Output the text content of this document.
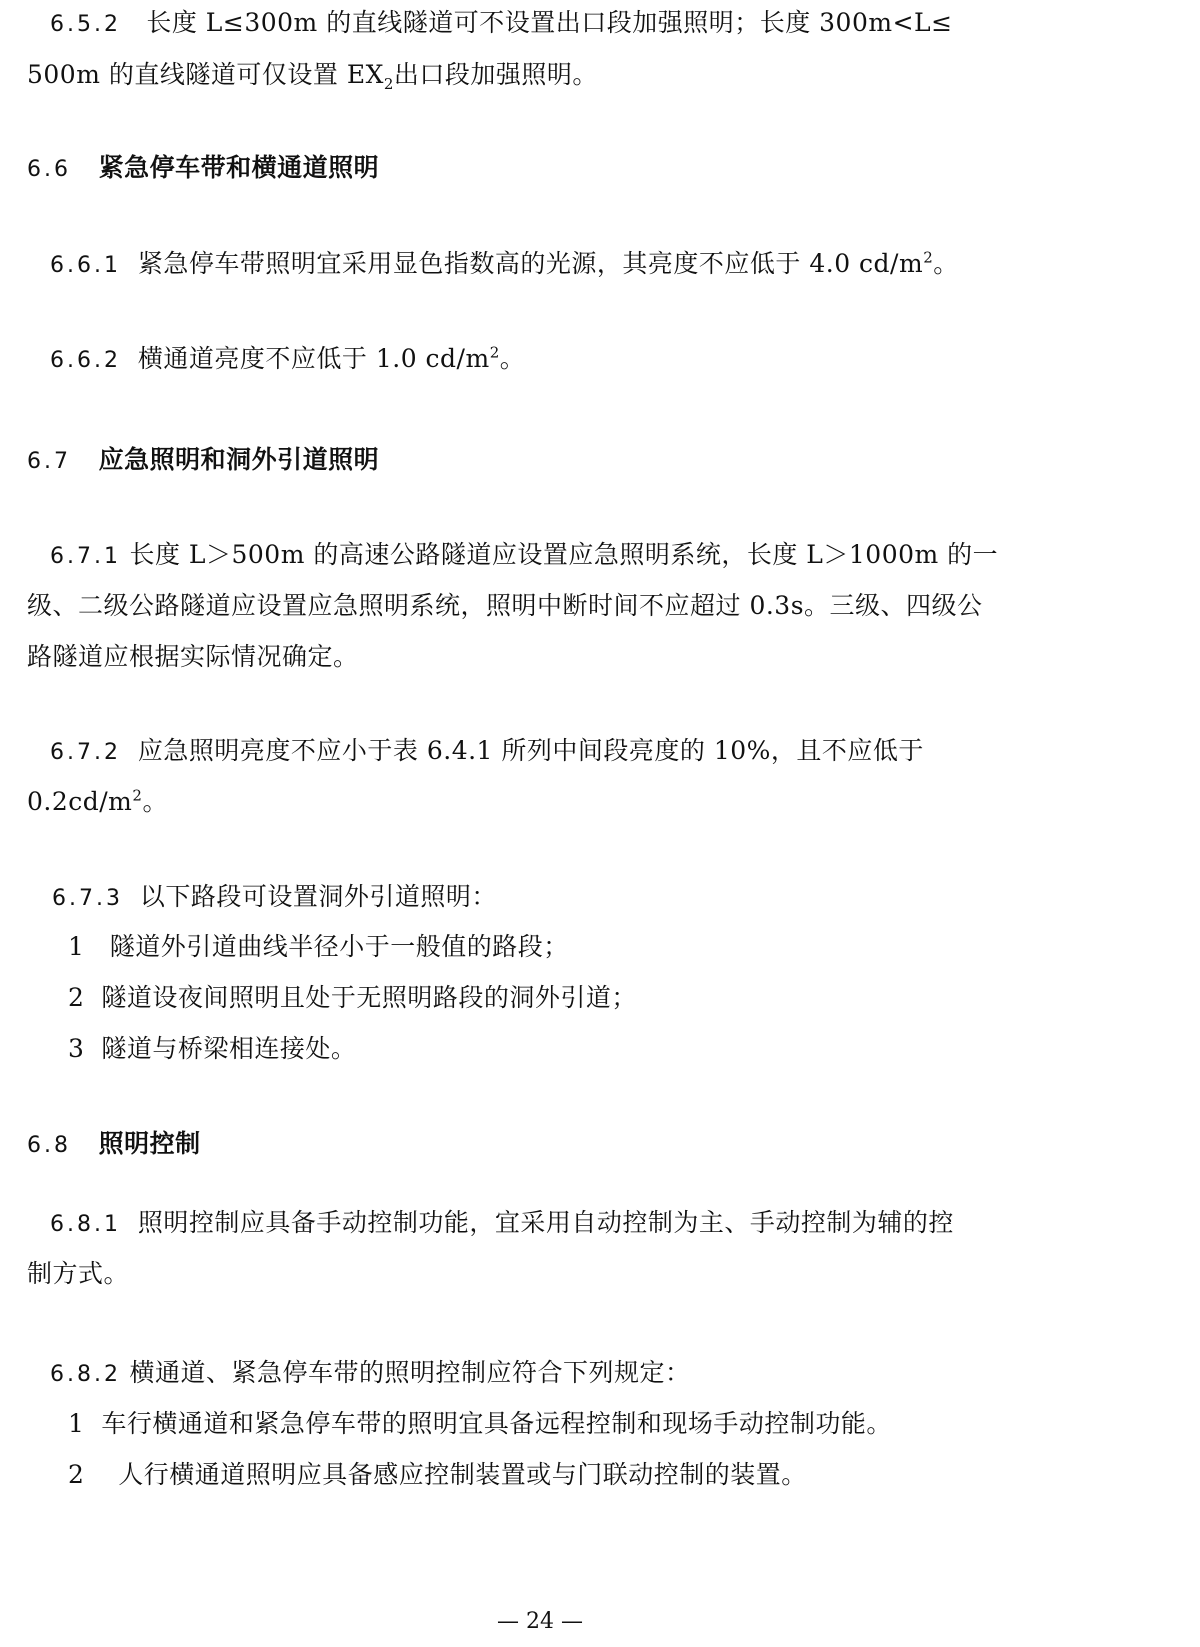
6.5.2 长度 L≤300m 的直线隧道可不设置出口段加强照明；长度 300m<L≤
500m 的直线隧道可仅设置 $EX_2$出口段加强照明。
6.6 紧急停车带和横通道照明
6.6.1 紧急停车带照明宜采用显色指数高的光源，其亮度不应低于 4.0 $cd/m^2$。
6.6.2 横通道亮度不应低于 1.0 $cd/m^2$。
6.7 应急照明和洞外引道照明
6.7.1 长度 L＞500m 的高速公路隧道应设置应急照明系统，长度 L＞1000m 的一
级、二级公路隧道应设置应急照明系统，照明中断时间不应超过 0.3s。三级、四级公
路隧道应根据实际情况确定。
6.7.2 应急照明亮度不应小于表 6.4.1 所列中间段亮度的 10%，且不应低于
$0.2cd/m^2$。
6.7.3 以下路段可设置洞外引道照明：
1 隧道外引道曲线半径小于一般值的路段；
2 隧道设夜间照明且处于无照明路段的洞外引道；
3 隧道与桥梁相连接处。
6.8 照明控制
6.8.1 照明控制应具备手动控制功能，宜采用自动控制为主、手动控制为辅的控
制方式。
6.8.2 横通道、紧急停车带的照明控制应符合下列规定：
1 车行横通道和紧急停车带的照明宜具备远程控制和现场手动控制功能。
2 人行横通道照明应具备感应控制装置或与门联动控制的装置。
— 24 —
